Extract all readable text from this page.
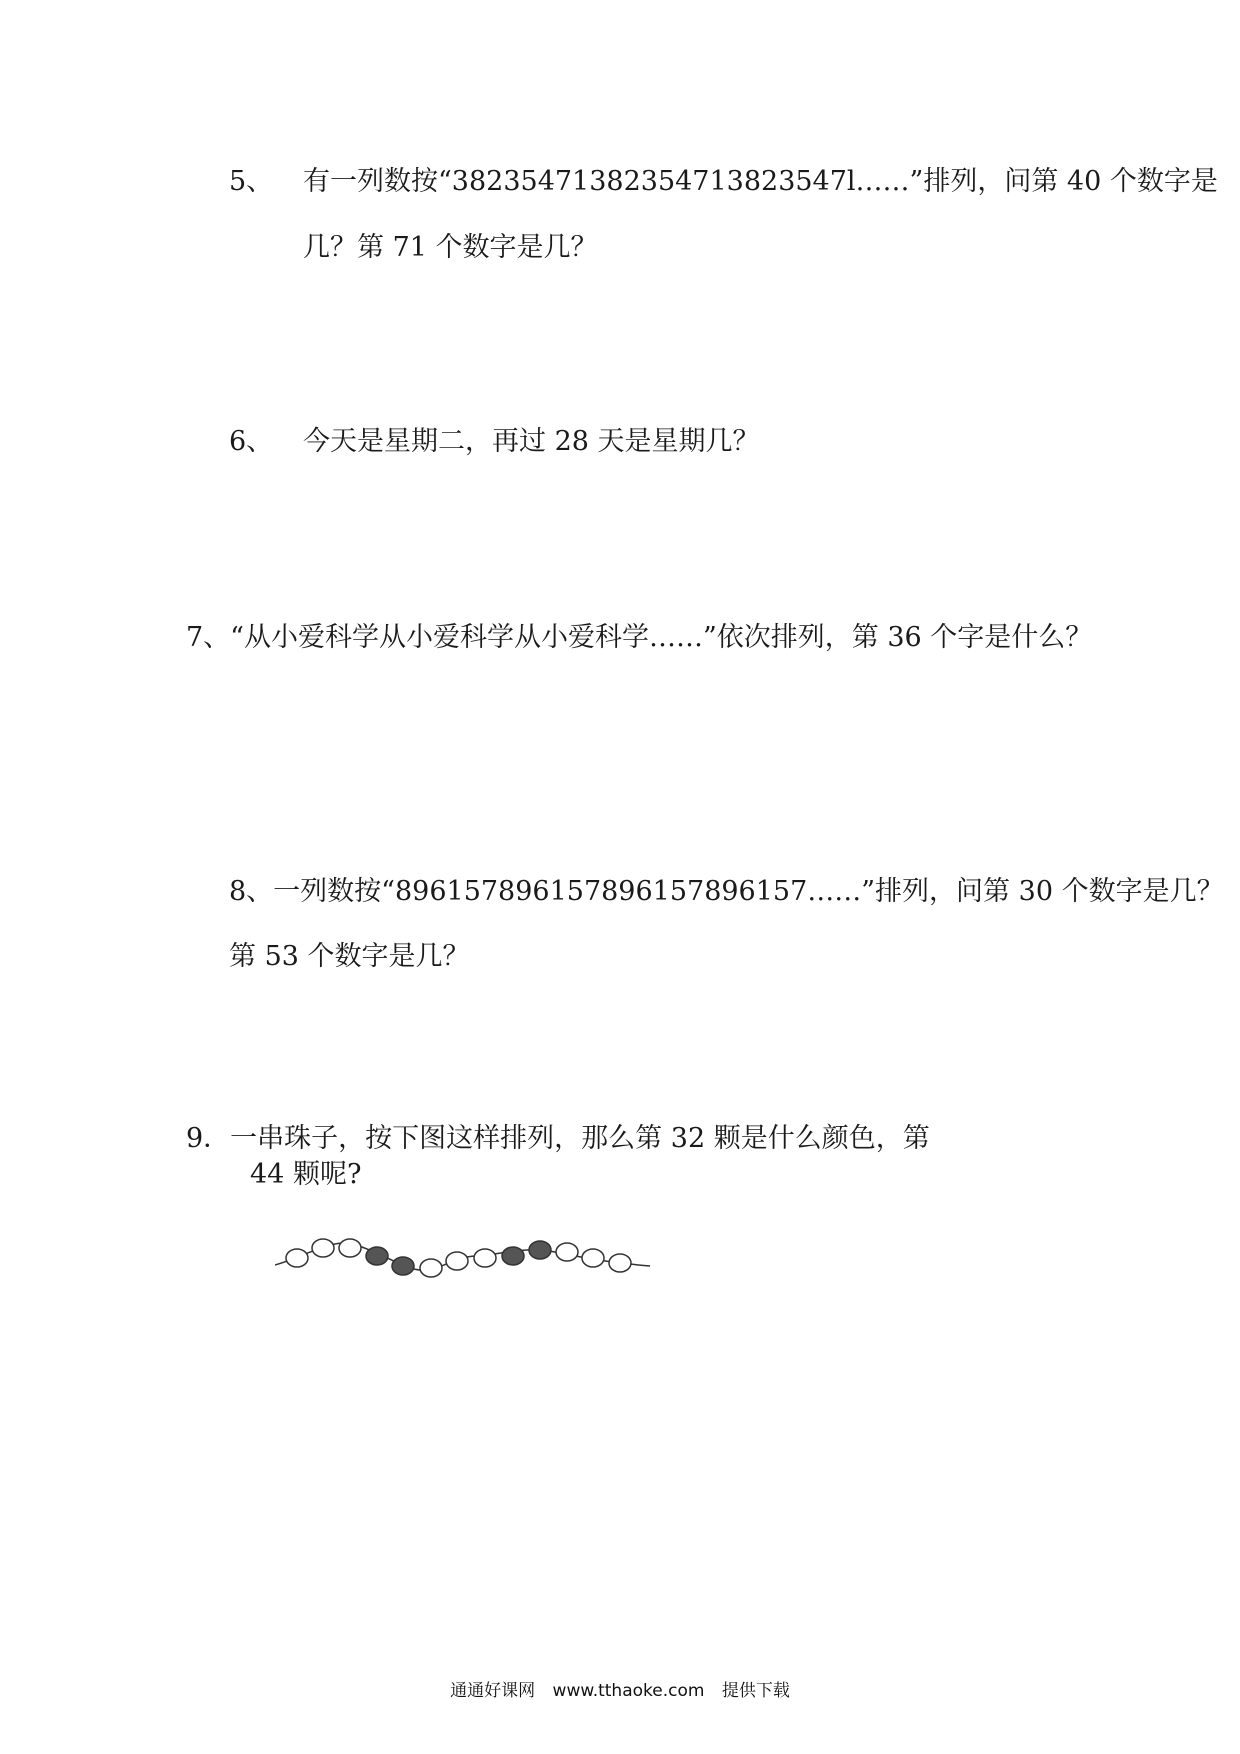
5、 有一列数按“38235471382354713823547l……”排列，问第 40 个数字是
几？第 71 个数字是几？
6、 今天是星期二，再过 28 天是星期几？
7、“从小爱科学从小爱科学从小爱科学……”依次排列，第 36 个字是什么？
8、一列数按“896157896157896157896157……”排列，问第 30 个数字是几？
第 53 个数字是几？
9．一串珠子，按下图这样排列，那么第 32 颗是什么颜色，第
44 颗呢?
通通好课网 www.tthaoke.com 提供下载
